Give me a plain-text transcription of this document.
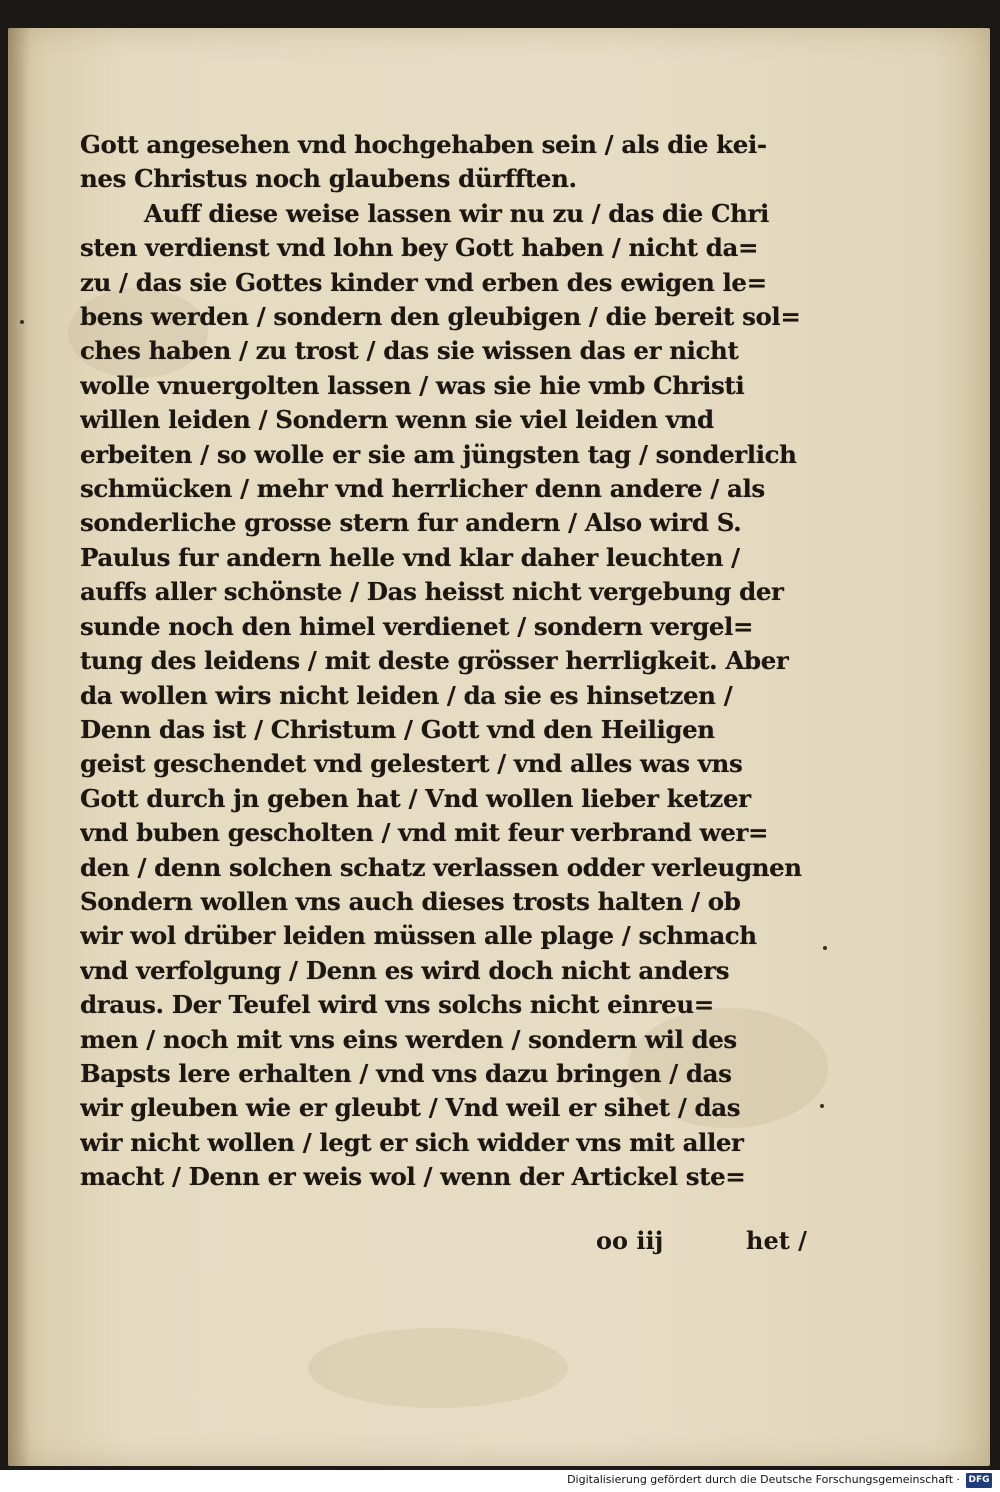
Gott angesehen vnd hochgehaben sein / als die kei-
nes Christus noch glaubens dürfften.
Auff diese weise lassen wir nu zu / das die Chri
sten verdienst vnd lohn bey Gott haben / nicht da=
zu / das sie Gottes kinder vnd erben des ewigen le=
bens werden / sondern den gleubigen / die bereit sol=
ches haben / zu trost / das sie wissen das er nicht
wolle vnuergolten lassen / was sie hie vmb Christi
willen leiden / Sondern wenn sie viel leiden vnd
erbeiten / so wolle er sie am jüngsten tag / sonderlich
schmücken / mehr vnd herrlicher denn andere / als
sonderliche grosse stern fur andern / Also wird S.
Paulus fur andern helle vnd klar daher leuchten /
auffs aller schönste / Das heisst nicht vergebung der
sunde noch den himel verdienet / sondern vergel=
tung des leidens / mit deste grösser herrligkeit. Aber
da wollen wirs nicht leiden / da sie es hinsetzen /
Denn das ist / Christum / Gott vnd den Heiligen
geist geschendet vnd gelestert / vnd alles was vns
Gott durch jn geben hat / Vnd wollen lieber ketzer
vnd buben gescholten / vnd mit feur verbrand wer=
den / denn solchen schatz verlassen odder verleugnen
Sondern wollen vns auch dieses trosts halten / ob
wir wol drüber leiden müssen alle plage / schmach
vnd verfolgung / Denn es wird doch nicht anders
draus. Der Teufel wird vns solchs nicht einreu=
men / noch mit vns eins werden / sondern wil des
Bapsts lere erhalten / vnd vns dazu bringen / das
wir gleuben wie er gleubt / Vnd weil er sihet / das
wir nicht wollen / legt er sich widder vns mit aller
macht / Denn er weis wol / wenn der Artickel ste=
oo iij	het /
Digitalisierung gefördert durch die Deutsche Forschungsgemeinschaft · DFG
